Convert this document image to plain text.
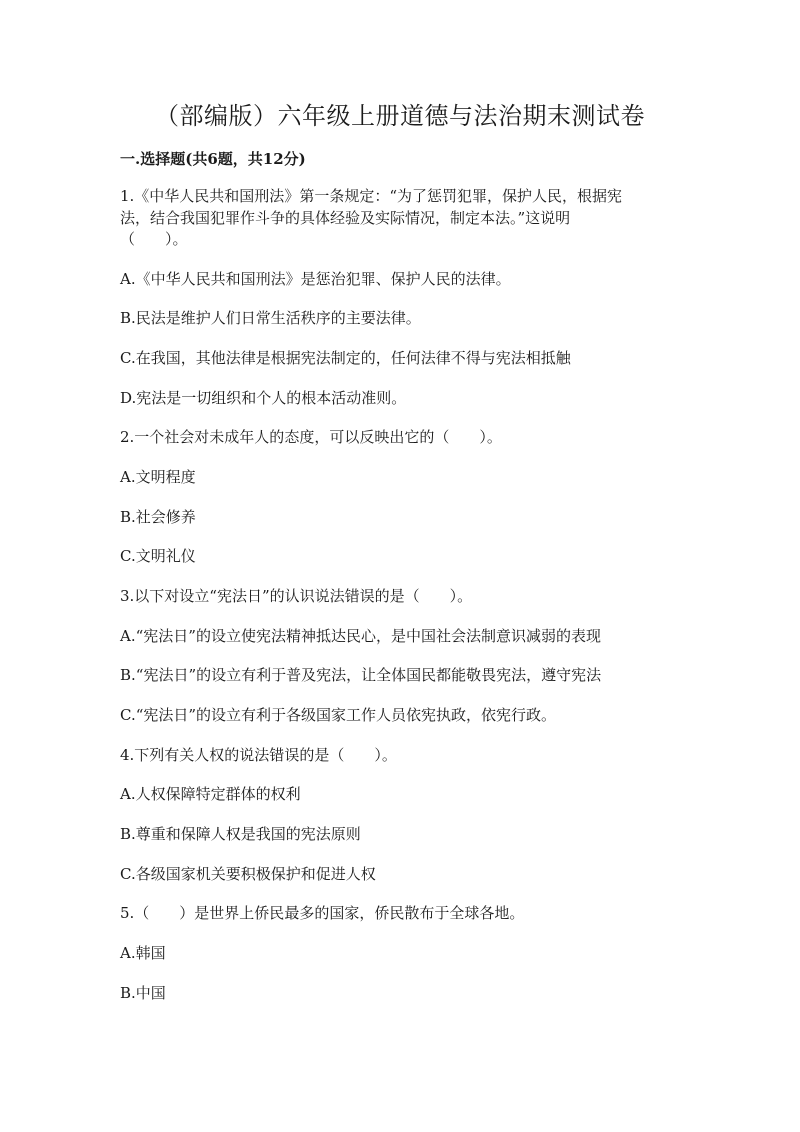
（部编版）六年级上册道德与法治期末测试卷
一.选择题(共6题，共12分)
1.《中华人民共和国刑法》第一条规定：“为了惩罚犯罪，保护人民，根据宪
法，结合我国犯罪作斗争的具体经验及实际情况，制定本法。”这说明
（　　）。
A.《中华人民共和国刑法》是惩治犯罪、保护人民的法律。
B.民法是维护人们日常生活秩序的主要法律。
C.在我国，其他法律是根据宪法制定的，任何法律不得与宪法相抵触
D.宪法是一切组织和个人的根本活动准则。
2.一个社会对未成年人的态度，可以反映出它的（　　）。
A.文明程度
B.社会修养
C.文明礼仪
3.以下对设立“宪法日”的认识说法错误的是（　　）。
A.“宪法日”的设立使宪法精神抵达民心，是中国社会法制意识减弱的表现
B.“宪法日”的设立有利于普及宪法，让全体国民都能敬畏宪法，遵守宪法
C.“宪法日”的设立有利于各级国家工作人员依宪执政，依宪行政。
4.下列有关人权的说法错误的是（　　）。
A.人权保障特定群体的权利
B.尊重和保障人权是我国的宪法原则
C.各级国家机关要积极保护和促进人权
5.（　　）是世界上侨民最多的国家，侨民散布于全球各地。
A.韩国
B.中国
